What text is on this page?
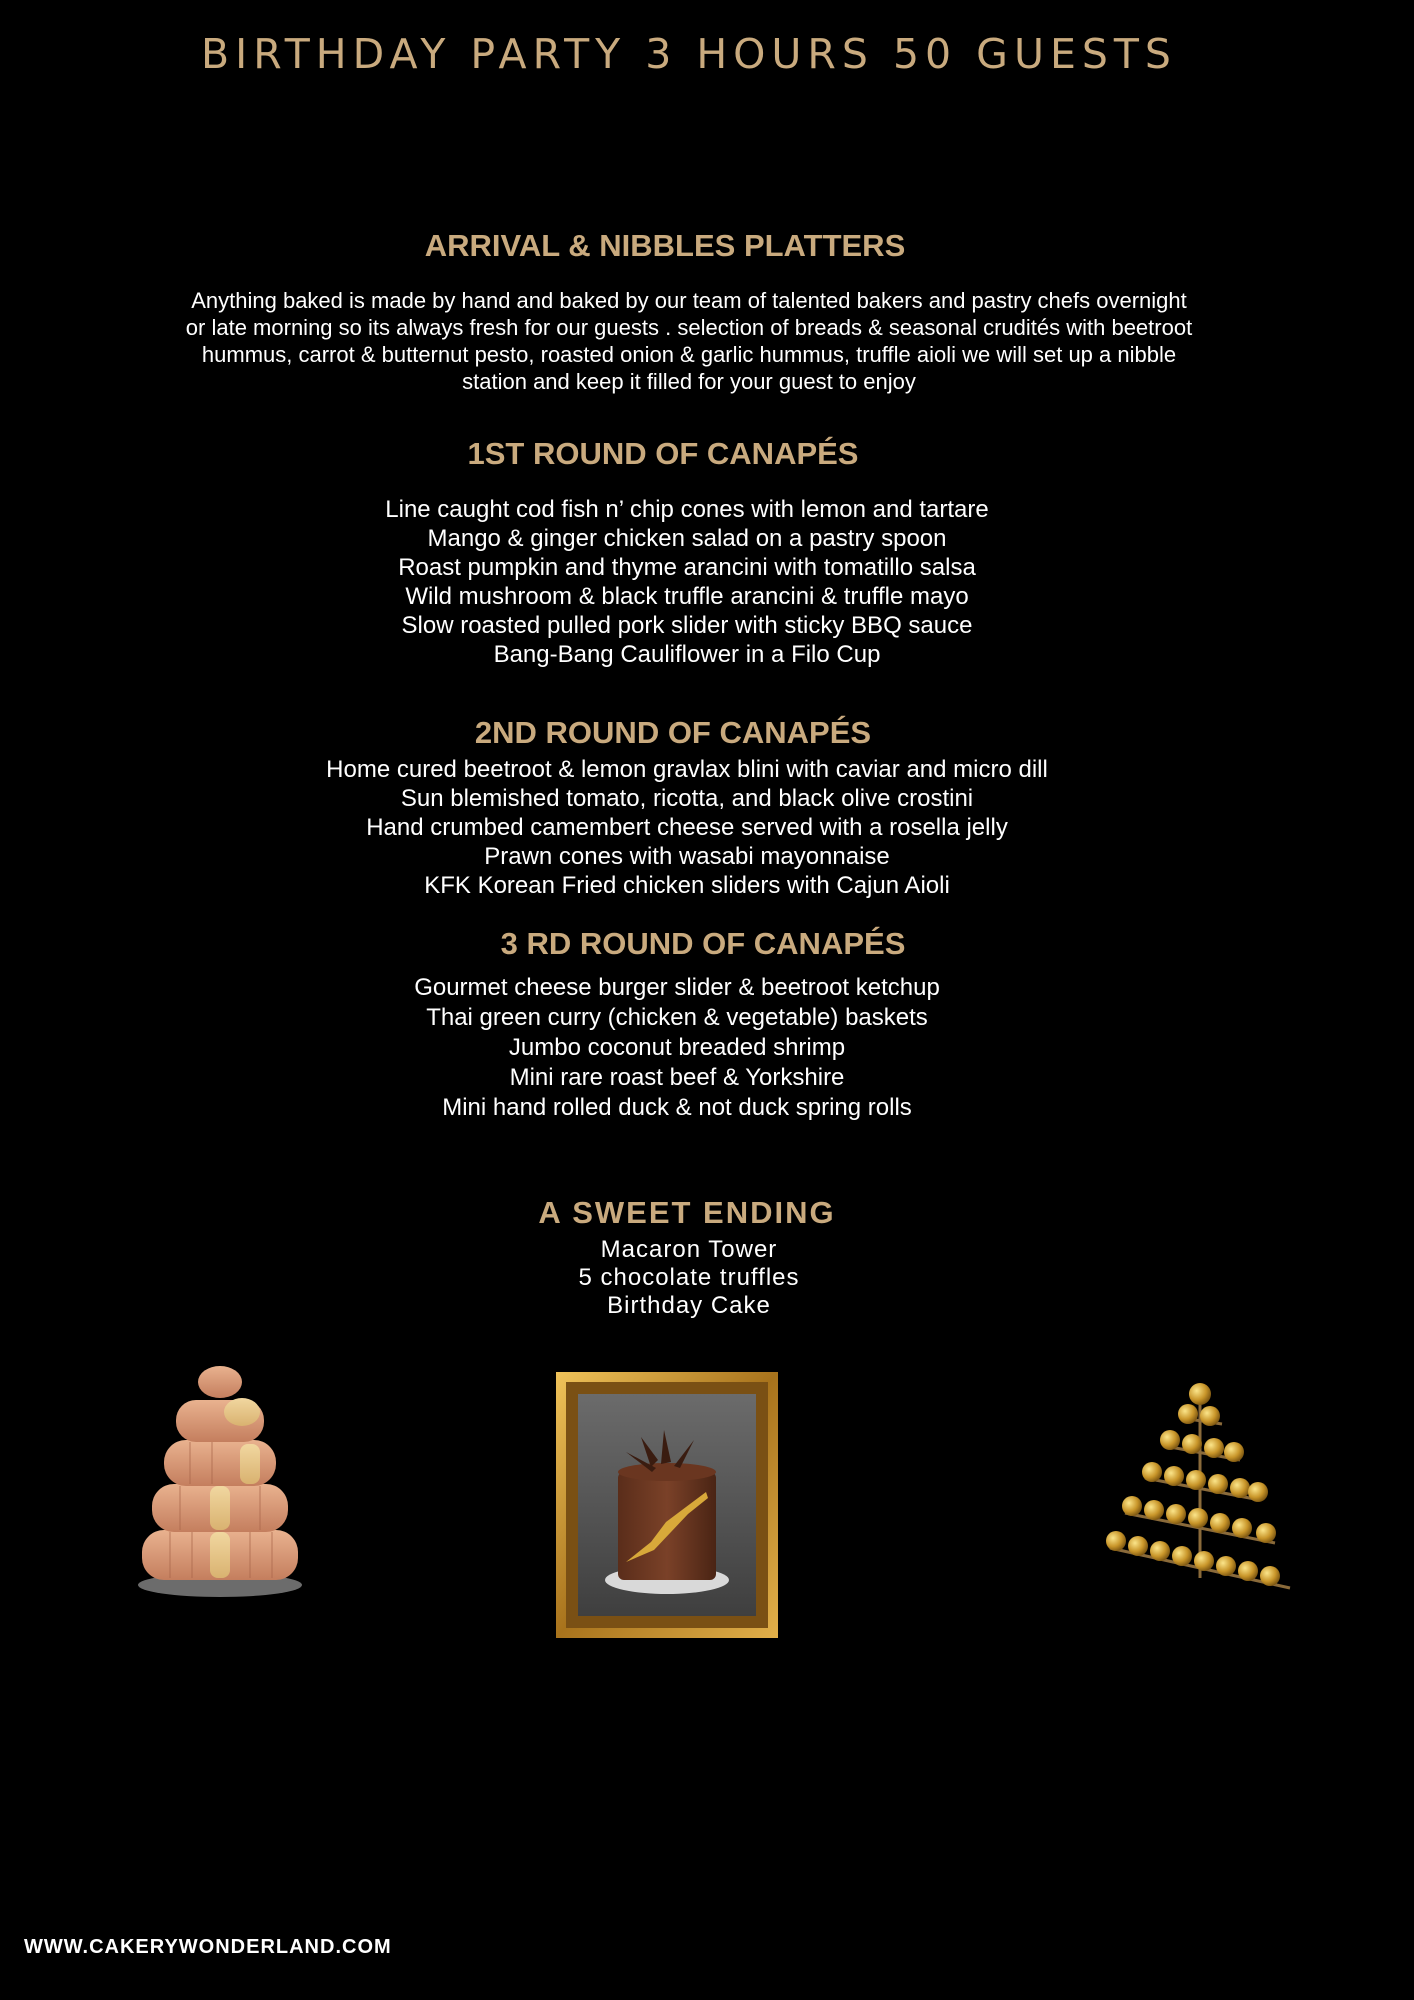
BIRTHDAY PARTY 3 HOURS 50 GUESTS
ARRIVAL & NIBBLES PLATTERS
Anything baked is made by hand and baked by our team of talented bakers and pastry chefs overnight
or late morning so its always fresh for our guests . selection of breads & seasonal crudités with beetroot
hummus, carrot & butternut pesto, roasted onion & garlic hummus, truffle aioli we will set up a nibble
station and keep it filled for your guest to enjoy
1ST ROUND OF CANAPÉS
Line caught cod fish n’ chip cones with lemon and tartare
Mango & ginger chicken salad on a pastry spoon
Roast pumpkin and thyme arancini with tomatillo salsa
Wild mushroom & black truffle arancini & truffle mayo
Slow roasted pulled pork slider with sticky BBQ sauce
Bang-Bang Cauliflower in a Filo Cup
2ND ROUND OF CANAPÉS
Home cured beetroot & lemon gravlax blini with caviar and micro dill
Sun blemished tomato, ricotta, and black olive crostini
Hand crumbed camembert cheese served with a rosella jelly
Prawn cones with wasabi mayonnaise
KFK Korean Fried chicken sliders with Cajun Aioli
3 RD ROUND OF CANAPÉS
Gourmet cheese burger slider & beetroot ketchup
Thai green curry (chicken & vegetable) baskets
Jumbo coconut breaded shrimp
Mini rare roast beef & Yorkshire
Mini hand rolled duck & not duck spring rolls
A SWEET ENDING
Macaron Tower
5 chocolate truffles
Birthday Cake
WWW.CAKERYWONDERLAND.COM
